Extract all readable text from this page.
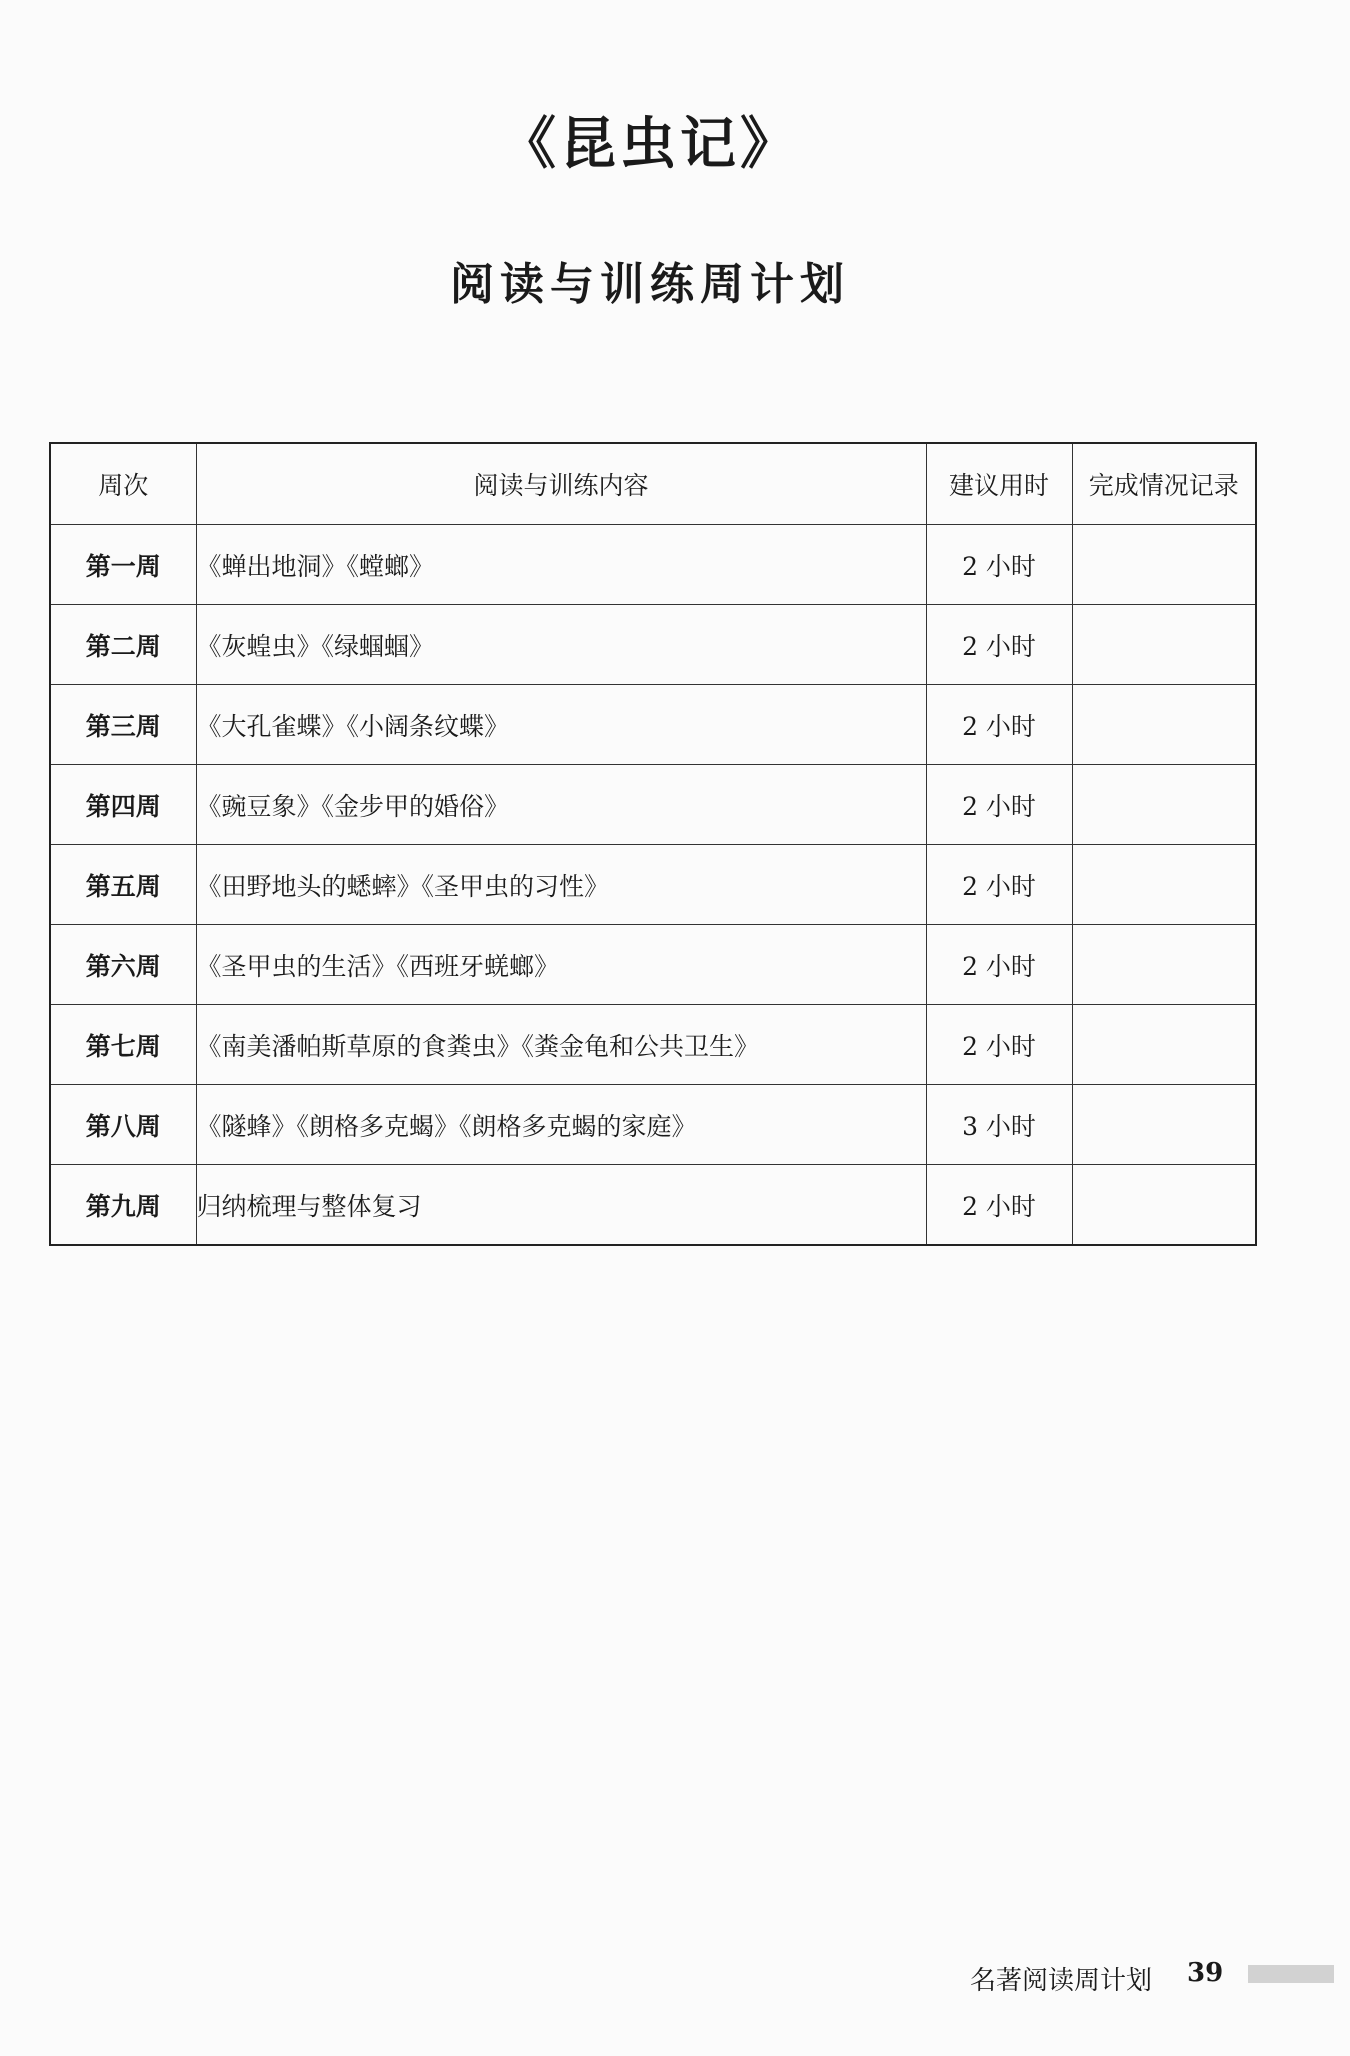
《昆虫记》
阅读与训练周计划
周次	阅读与训练内容	建议用时	完成情况记录
第一周	《蝉出地洞》《螳螂》	2 小时	
第二周	《灰蝗虫》《绿蝈蝈》	2 小时	
第三周	《大孔雀蝶》《小阔条纹蝶》	2 小时	
第四周	《豌豆象》《金步甲的婚俗》	2 小时	
第五周	《田野地头的蟋蟀》《圣甲虫的习性》	2 小时	
第六周	《圣甲虫的生活》《西班牙蜣螂》	2 小时	
第七周	《南美潘帕斯草原的食粪虫》《粪金龟和公共卫生》	2 小时	
第八周	《隧蜂》《朗格多克蝎》《朗格多克蝎的家庭》	3 小时	
第九周	归纳梳理与整体复习	2 小时	
名著阅读周计划 39
